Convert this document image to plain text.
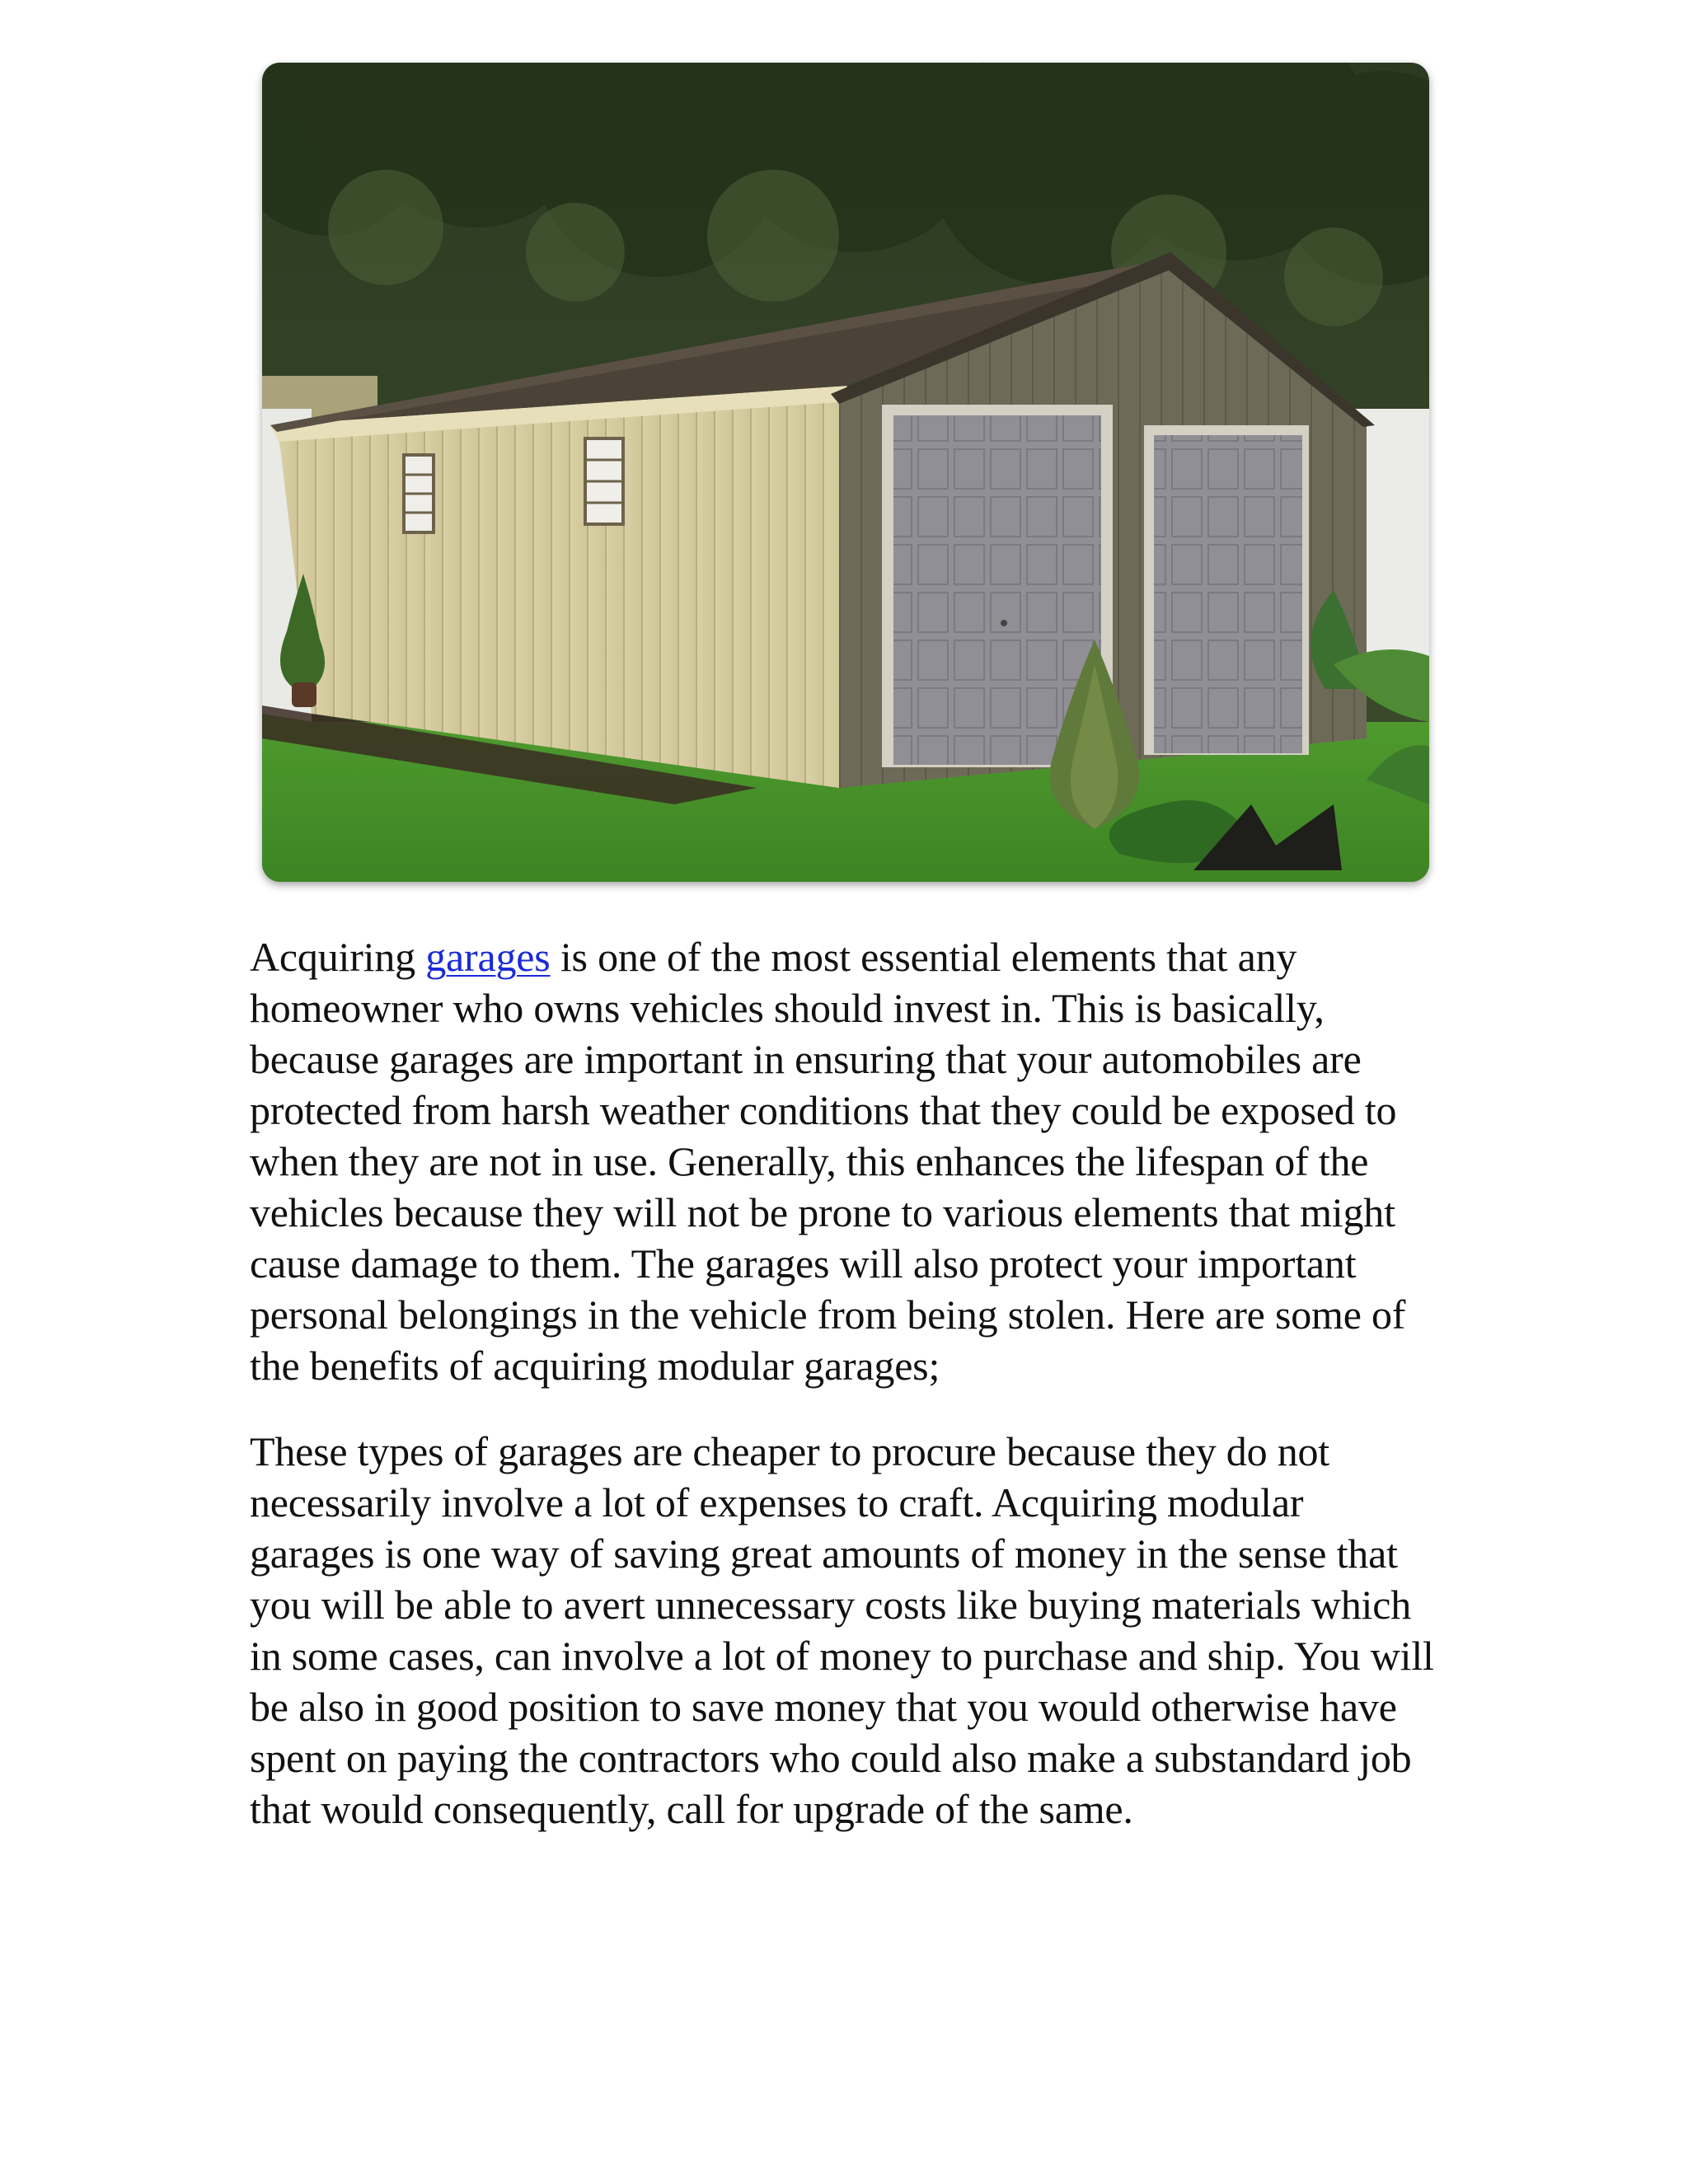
Acquiring garages is one of the most essential elements that any homeowner who owns vehicles should invest in. This is basically, because garages are important in ensuring that your automobiles are protected from harsh weather conditions that they could be exposed to when they are not in use. Generally, this enhances the lifespan of the vehicles because they will not be prone to various elements that might cause damage to them. The garages will also protect your important personal belongings in the vehicle from being stolen. Here are some of the benefits of acquiring modular garages;

These types of garages are cheaper to procure because they do not necessarily involve a lot of expenses to craft. Acquiring modular garages is one way of saving great amounts of money in the sense that you will be able to avert unnecessary costs like buying materials which in some cases, can involve a lot of money to purchase and ship. You will be also in good position to save money that you would otherwise have spent on paying the contractors who could also make a substandard job that would consequently, call for upgrade of the same.
